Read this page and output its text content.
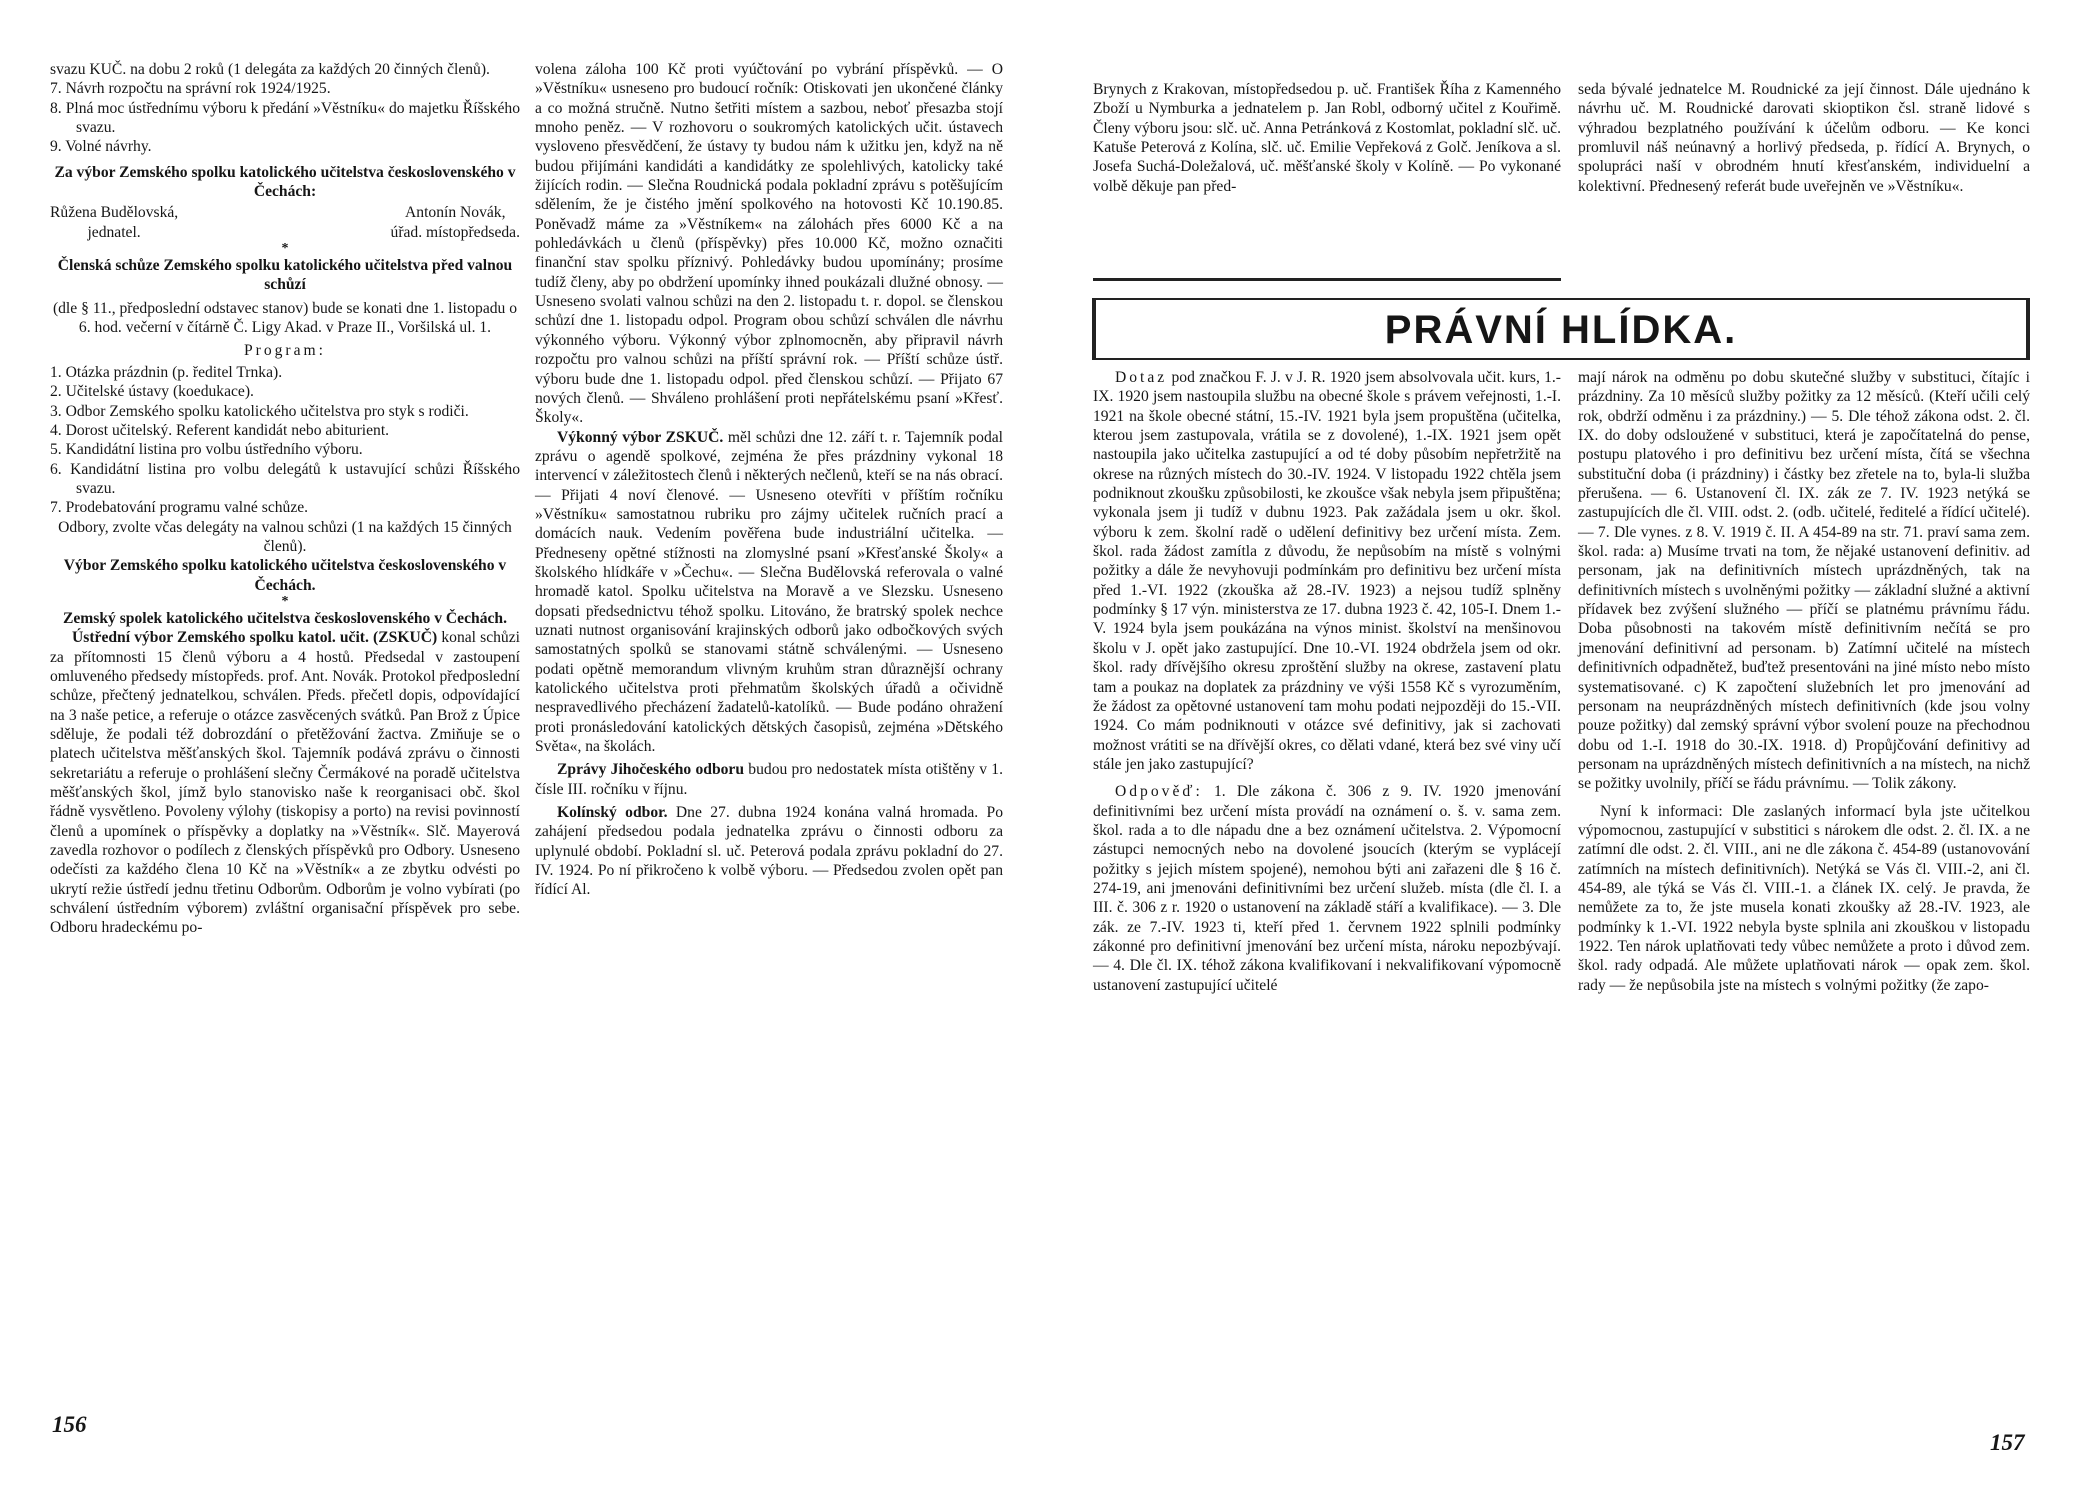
svazu KUČ. na dobu 2 roků (1 delegáta za každých 20 činných členů).

7. Návrh rozpočtu na správní rok 1924/1925.

8. Plná moc ústřednímu výboru k předání »Věstníku« do majetku Říšského svazu.

9. Volné návrhy.

Za výbor Zemského spolku katolického učitelstva československého v Čechách:

Růžena Budělovská,
jednatel.
Antonín Novák,
úřad. místopředseda.

*

Členská schůze Zemského spolku katolického učitelstva před valnou schůzí

(dle § 11., předposlední odstavec stanov) bude se konati dne 1. listopadu o 6. hod. večerní v čítárně Č. Ligy Akad. v Praze II., Voršilská ul. 1.

Program:

1. Otázka prázdnin (p. ředitel Trnka).

2. Učitelské ústavy (koedukace).

3. Odbor Zemského spolku katolického učitelstva pro styk s rodiči.

4. Dorost učitelský. Referent kandidát nebo abiturient.

5. Kandidátní listina pro volbu ústředního výboru.

6. Kandidátní listina pro volbu delegátů k ustavující schůzi Říšského svazu.

7. Prodebatování programu valné schůze.

Odbory, zvolte včas delegáty na valnou schůzi (1 na každých 15 činných členů).

Výbor Zemského spolku katolického učitelstva československého v Čechách.

*

Zemský spolek katolického učitelstva československého v Čechách.

Ústřední výbor Zemského spolku katol. učit. (ZSKUČ) konal schůzi za přítomnosti 15 členů výboru a 4 hostů. Předsedal v zastoupení omluveného předsedy místopředs. prof. Ant. Novák. Protokol předposlední schůze, přečtený jednatelkou, schválen. Předs. přečetl dopis, odpovídající na 3 naše petice, a referuje o otázce zasvěcených svátků. Pan Brož z Úpice sděluje, že podali též dobrozdání o přetěžování žactva. Zmiňuje se o platech učitelstva měšťanských škol. Tajemník podává zprávu o činnosti sekretariátu a referuje o prohlášení slečny Čermákové na poradě učitelstva měšťanských škol, jímž bylo stanovisko naše k reorganisaci obč. škol řádně vysvětleno. Povoleny výlohy (tiskopisy a porto) na revisi povinností členů a upomínek o příspěvky a doplatky na »Věstník«. Slč. Mayerová zavedla rozhovor o podílech z členských příspěvků pro Odbory. Usneseno odečísti za každého člena 10 Kč na »Věstník« a ze zbytku odvésti po ukrytí režie ústředí jednu třetinu Odborům. Odborům je volno vybírati (po schválení ústředním výborem) zvláštní organisační příspěvek pro sebe. Odboru hradeckému po-

volena záloha 100 Kč proti vyúčtování po vybrání příspěvků. — O »Věstníku« usneseno pro budoucí ročník: Otiskovati jen ukončené články a co možná stručně. Nutno šetřiti místem a sazbou, neboť přesazba stojí mnoho peněz. — V rozhovoru o soukromých katolických učit. ústavech vysloveno přesvědčení, že ústavy ty budou nám k užitku jen, když na ně budou přijímáni kandidáti a kandidátky ze spolehlivých, katolicky také žijících rodin. — Slečna Roudnická podala pokladní zprávu s potěšujícím sdělením, že je čistého jmění spolkového na hotovosti Kč 10.190.85. Poněvadž máme za »Věstníkem« na zálohách přes 6000 Kč a na pohledávkách u členů (příspěvky) přes 10.000 Kč, možno označiti finanční stav spolku příznivý. Pohledávky budou upomínány; prosíme tudíž členy, aby po obdržení upomínky ihned poukázali dlužné obnosy. — Usneseno svolati valnou schůzi na den 2. listopadu t. r. dopol. se členskou schůzí dne 1. listopadu odpol. Program obou schůzí schválen dle návrhu výkonného výboru. Výkonný výbor zplnomocněn, aby připravil návrh rozpočtu pro valnou schůzi na příští správní rok. — Příští schůze ústř. výboru bude dne 1. listopadu odpol. před členskou schůzí. — Přijato 67 nových členů. — Shváleno prohlášení proti nepřátelskému psaní »Křesť. Školy«.

Výkonný výbor ZSKUČ. měl schůzi dne 12. září t. r. Tajemník podal zprávu o agendě spolkové, zejména že přes prázdniny vykonal 18 intervencí v záležitostech členů i některých nečlenů, kteří se na nás obrací. — Přijati 4 noví členové. — Usneseno otevříti v příštím ročníku »Věstníku« samostatnou rubriku pro zájmy učitelek ručních prací a domácích nauk. Vedením pověřena bude industriální učitelka. — Předneseny opětné stížnosti na zlomyslné psaní »Křesťanské Školy« a školského hlídkáře v »Čechu«. — Slečna Budělovská referovala o valné hromadě katol. Spolku učitelstva na Moravě a ve Slezsku. Usneseno dopsati předsednictvu téhož spolku. Litováno, že bratrský spolek nechce uznati nutnost organisování krajinských odborů jako odbočkových svých samostatných spolků se stanovami státně schválenými. — Usneseno podati opětně memorandum vlivným kruhům stran důraznější ochrany katolického učitelstva proti přehmatům školských úřadů a očividně nespravedlivého přecházení žadatelů-katolíků. — Bude podáno ohražení proti pronásledování katolických dětských časopisů, zejména »Dětského Světa«, na školách.

Zprávy Jihočeského odboru budou pro nedostatek místa otištěny v 1. čísle III. ročníku v říjnu.

Kolínský odbor. Dne 27. dubna 1924 konána valná hromada. Po zahájení předsedou podala jednatelka zprávu o činnosti odboru za uplynulé období. Pokladní sl. uč. Peterová podala zprávu pokladní do 27. IV. 1924. Po ní přikročeno k volbě výboru. — Předsedou zvolen opět pan řídící Al.

156

Brynych z Krakovan, místopředsedou p. uč. František Říha z Kamenného Zboží u Nymburka a jednatelem p. Jan Robl, odborný učitel z Kouřimě. Členy výboru jsou: slč. uč. Anna Petránková z Kostomlat, pokladní slč. uč. Katuše Peterová z Kolína, slč. uč. Emilie Vepřeková z Golč. Jeníkova a sl. Josefa Suchá-Doležalová, uč. měšťanské školy v Kolíně. — Po vykonané volbě děkuje pan před-

seda bývalé jednatelce M. Roudnické za její činnost. Dále ujednáno k návrhu uč. M. Roudnické darovati skioptikon čsl. straně lidové s výhradou bezplatného používání k účelům odboru. — Ke konci promluvil náš neúnavný a horlivý předseda, p. řídící A. Brynych, o spolupráci naší v obrodném hnutí křesťanském, individuelní a kolektivní. Přednesený referát bude uveřejněn ve »Věstníku«.

PRÁVNÍ HLÍDKA.

Dotaz pod značkou F. J. v J. R. 1920 jsem absolvovala učit. kurs, 1.-IX. 1920 jsem nastoupila službu na obecné škole s právem veřejnosti, 1.-I. 1921 na škole obecné státní, 15.-IV. 1921 byla jsem propuštěna (učitelka, kterou jsem zastupovala, vrátila se z dovolené), 1.-IX. 1921 jsem opět nastoupila jako učitelka zastupující a od té doby působím nepřetržitě na okrese na různých místech do 30.-IV. 1924. V listopadu 1922 chtěla jsem podniknout zkoušku způsobilosti, ke zkoušce však nebyla jsem připuštěna; vykonala jsem ji tudíž v dubnu 1923. Pak zažádala jsem u okr. škol. výboru k zem. školní radě o udělení definitivy bez určení místa. Zem. škol. rada žádost zamítla z důvodu, že nepůsobím na místě s volnými požitky a dále že nevyhovuji podmínkám pro definitivu bez určení místa před 1.-VI. 1922 (zkouška až 28.-IV. 1923) a nejsou tudíž splněny podmínky § 17 výn. ministerstva ze 17. dubna 1923 č. 42, 105-I. Dnem 1.-V. 1924 byla jsem poukázána na výnos minist. školství na menšinovou školu v J. opět jako zastupující. Dne 10.-VI. 1924 obdržela jsem od okr. škol. rady dřívějšího okresu zproštění služby na okrese, zastavení platu tam a poukaz na doplatek za prázdniny ve výši 1558 Kč s vyrozuměním, že žádost za opětovné ustanovení tam mohu podati nejpozději do 15.-VII. 1924. Co mám podniknouti v otázce své definitivy, jak si zachovati možnost vrátiti se na dřívější okres, co dělati vdané, která bez své viny učí stále jen jako zastupující?

Odpověď: 1. Dle zákona č. 306 z 9. IV. 1920 jmenování definitivními bez určení místa provádí na oznámení o. š. v. sama zem. škol. rada a to dle nápadu dne a bez oznámení učitelstva. 2. Výpomocní zástupci nemocných nebo na dovolené jsoucích (kterým se vyplácejí požitky s jejich místem spojené), nemohou býti ani zařazeni dle § 16 č. 274-19, ani jmenováni definitivními bez určení služeb. místa (dle čl. I. a III. č. 306 z r. 1920 o ustanovení na základě stáří a kvalifikace). — 3. Dle zák. ze 7.-IV. 1923 ti, kteří před 1. červnem 1922 splnili podmínky zákonné pro definitivní jmenování bez určení místa, nároku nepozbývají. — 4. Dle čl. IX. téhož zákona kvalifikovaní i nekvalifikovaní výpomocně ustanovení zastupující učitelé

mají nárok na odměnu po dobu skutečné služby v substituci, čítajíc i prázdniny. Za 10 měsíců služby požitky za 12 měsíců. (Kteří učili celý rok, obdrží odměnu i za prázdniny.) — 5. Dle téhož zákona odst. 2. čl. IX. do doby odsloužené v substituci, která je započítatelná do pense, postupu platového i pro definitivu bez určení místa, čítá se všechna substituční doba (i prázdniny) i částky bez zřetele na to, byla-li služba přerušena. — 6. Ustanovení čl. IX. zák ze 7. IV. 1923 netýká se zastupujících dle čl. VIII. odst. 2. (odb. učitelé, ředitelé a řídící učitelé). — 7. Dle vynes. z 8. V. 1919 č. II. A 454-89 na str. 71. praví sama zem. škol. rada: a) Musíme trvati na tom, že nějaké ustanovení definitiv. ad personam, jak na definitivních místech uprázdněných, tak na definitivních místech s uvolněnými požitky — základní služné a aktivní přídavek bez zvýšení služného — příčí se platnému právnímu řádu. Doba působnosti na takovém místě definitivním nečítá se pro jmenování definitivní ad personam. b) Zatímní učitelé na místech definitivních odpadnětež, buďtež presentováni na jiné místo nebo místo systematisované. c) K započtení služebních let pro jmenování ad personam na neuprázdněných místech definitivních (kde jsou volny pouze požitky) dal zemský správní výbor svolení pouze na přechodnou dobu od 1.-I. 1918 do 30.-IX. 1918. d) Propůjčování definitivy ad personam na uprázdněných místech definitivních a na místech, na nichž se požitky uvolnily, příčí se řádu právnímu. — Tolik zákony.

Nyní k informaci: Dle zaslaných informací byla jste učitelkou výpomocnou, zastupující v substitici s nárokem dle odst. 2. čl. IX. a ne zatímní dle odst. 2. čl. VIII., ani ne dle zákona č. 454-89 (ustanovování zatímních na místech definitivních). Netýká se Vás čl. VIII.-2, ani čl. 454-89, ale týká se Vás čl. VIII.-1. a článek IX. celý. Je pravda, že nemůžete za to, že jste musela konati zkoušky až 28.-IV. 1923, ale podmínky k 1.-VI. 1922 nebyla byste splnila ani zkouškou v listopadu 1922. Ten nárok uplatňovati tedy vůbec nemůžete a proto i důvod zem. škol. rady odpadá. Ale můžete uplatňovati nárok — opak zem. škol. rady — že nepůsobila jste na místech s volnými požitky (že zapo-

157
